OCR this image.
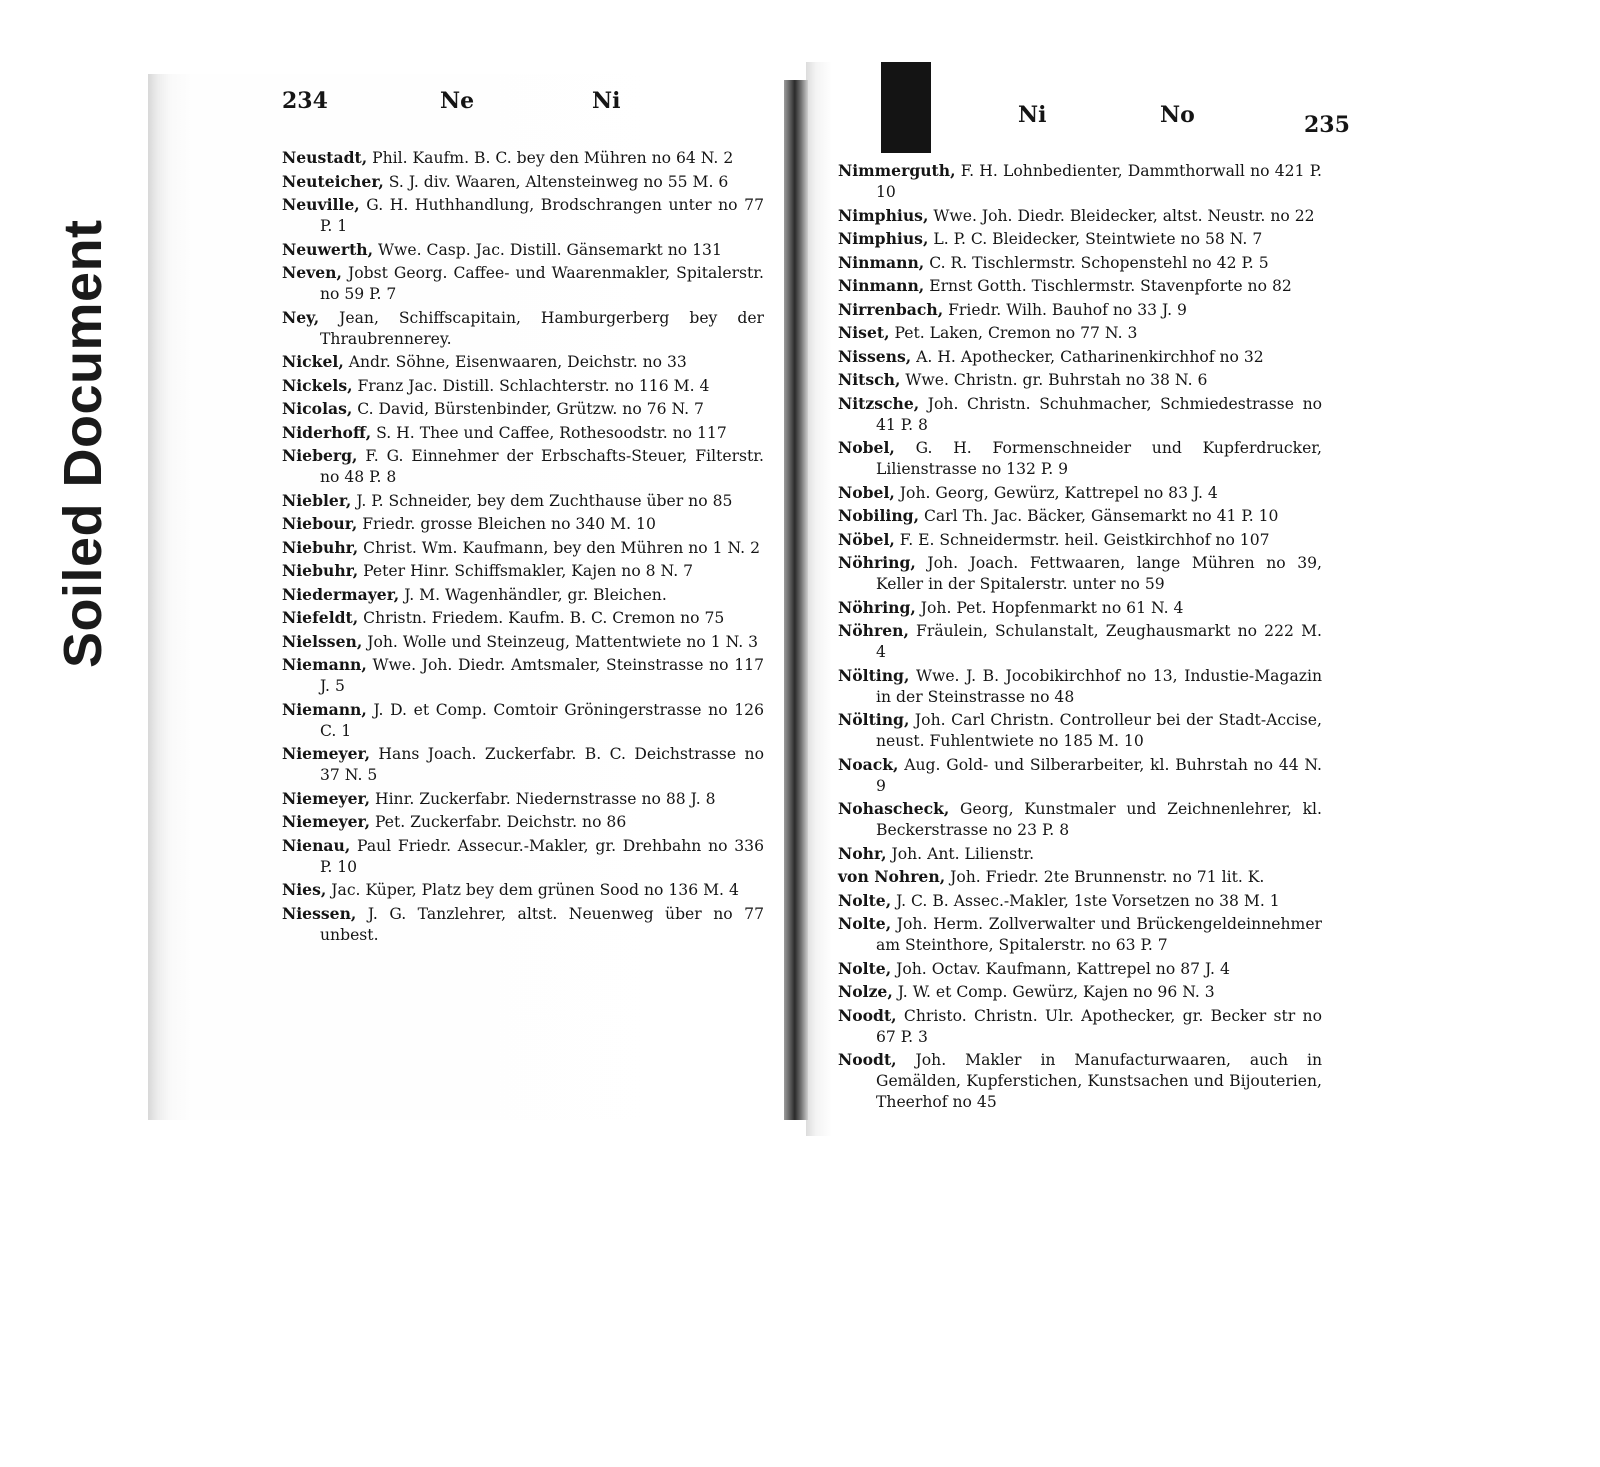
Soiled Document
234	Ne	Ni
Ni	No	235

Neustadt, Phil. Kaufm. B. C. bey den Mühren no 64 N. 2

Neuteicher, S. J. div. Waaren, Altensteinweg no 55 M. 6

Neuville, G. H. Huthhandlung, Brodschrangen unter no 77 P. 1

Neuwerth, Wwe. Casp. Jac. Distill. Gänsemarkt no 131

Neven, Jobst Georg. Caffee- und Waarenmakler, Spitalerstr. no 59 P. 7

Ney, Jean, Schiffscapitain, Hamburgerberg bey der Thraubrennerey.

Nickel, Andr. Söhne, Eisenwaaren, Deichstr. no 33

Nickels, Franz Jac. Distill. Schlachterstr. no 116 M. 4

Nicolas, C. David, Bürstenbinder, Grützw. no 76 N. 7

Niderhoff, S. H. Thee und Caffee, Rothesoodstr. no 117

Nieberg, F. G. Einnehmer der Erbschafts-Steuer, Filterstr. no 48 P. 8

Niebler, J. P. Schneider, bey dem Zuchthause über no 85

Niebour, Friedr. grosse Bleichen no 340 M. 10

Niebuhr, Christ. Wm. Kaufmann, bey den Mühren no 1 N. 2

Niebuhr, Peter Hinr. Schiffsmakler, Kajen no 8 N. 7

Niedermayer, J. M. Wagenhändler, gr. Bleichen.

Niefeldt, Christn. Friedem. Kaufm. B. C. Cremon no 75

Nielssen, Joh. Wolle und Steinzeug, Mattentwiete no 1 N. 3

Niemann, Wwe. Joh. Diedr. Amtsmaler, Steinstrasse no 117 J. 5

Niemann, J. D. et Comp. Comtoir Gröningerstrasse no 126 C. 1

Niemeyer, Hans Joach. Zuckerfabr. B. C. Deichstrasse no 37 N. 5

Niemeyer, Hinr. Zuckerfabr. Niedernstrasse no 88 J. 8

Niemeyer, Pet. Zuckerfabr. Deichstr. no 86

Nienau, Paul Friedr. Assecur.-Makler, gr. Drehbahn no 336 P. 10

Nies, Jac. Küper, Platz bey dem grünen Sood no 136 M. 4

Niessen, J. G. Tanzlehrer, altst. Neuenweg über no 77 unbest.

Nimmerguth, F. H. Lohnbedienter, Dammthorwall no 421 P. 10

Nimphius, Wwe. Joh. Diedr. Bleidecker, altst. Neustr. no 22

Nimphius, L. P. C. Bleidecker, Steintwiete no 58 N. 7

Ninmann, C. R. Tischlermstr. Schopenstehl no 42 P. 5

Ninmann, Ernst Gotth. Tischlermstr. Stavenpforte no 82

Nirrenbach, Friedr. Wilh. Bauhof no 33 J. 9

Niset, Pet. Laken, Cremon no 77 N. 3

Nissens, A. H. Apothecker, Catharinenkirchhof no 32

Nitsch, Wwe. Christn. gr. Buhrstah no 38 N. 6

Nitzsche, Joh. Christn. Schuhmacher, Schmiedestrasse no 41 P. 8

Nobel, G. H. Formenschneider und Kupferdrucker, Lilienstrasse no 132 P. 9

Nobel, Joh. Georg, Gewürz, Kattrepel no 83 J. 4

Nobiling, Carl Th. Jac. Bäcker, Gänsemarkt no 41 P. 10

Nöbel, F. E. Schneidermstr. heil. Geistkirchhof no 107

Nöhring, Joh. Joach. Fettwaaren, lange Mühren no 39, Keller in der Spitalerstr. unter no 59

Nöhring, Joh. Pet. Hopfenmarkt no 61 N. 4

Nöhren, Fräulein, Schulanstalt, Zeughausmarkt no 222 M. 4

Nölting, Wwe. J. B. Jocobikirchhof no 13, Industie-Magazin in der Steinstrasse no 48

Nölting, Joh. Carl Christn. Controlleur bei der Stadt-Accise, neust. Fuhlentwiete no 185 M. 10

Noack, Aug. Gold- und Silberarbeiter, kl. Buhrstah no 44 N. 9

Nohascheck, Georg, Kunstmaler und Zeichnenlehrer, kl. Beckerstrasse no 23 P. 8

Nohr, Joh. Ant. Lilienstr.

von Nohren, Joh. Friedr. 2te Brunnenstr. no 71 lit. K.

Nolte, J. C. B. Assec.-Makler, 1ste Vorsetzen no 38 M. 1

Nolte, Joh. Herm. Zollverwalter und Brückengeldeinnehmer am Steinthore, Spitalerstr. no 63 P. 7

Nolte, Joh. Octav. Kaufmann, Kattrepel no 87 J. 4

Nolze, J. W. et Comp. Gewürz, Kajen no 96 N. 3

Noodt, Christo. Christn. Ulr. Apothecker, gr. Becker str no 67 P. 3

Noodt, Joh. Makler in Manufacturwaaren, auch in Gemälden, Kupferstichen, Kunstsachen und Bijouterien, Theerhof no 45
